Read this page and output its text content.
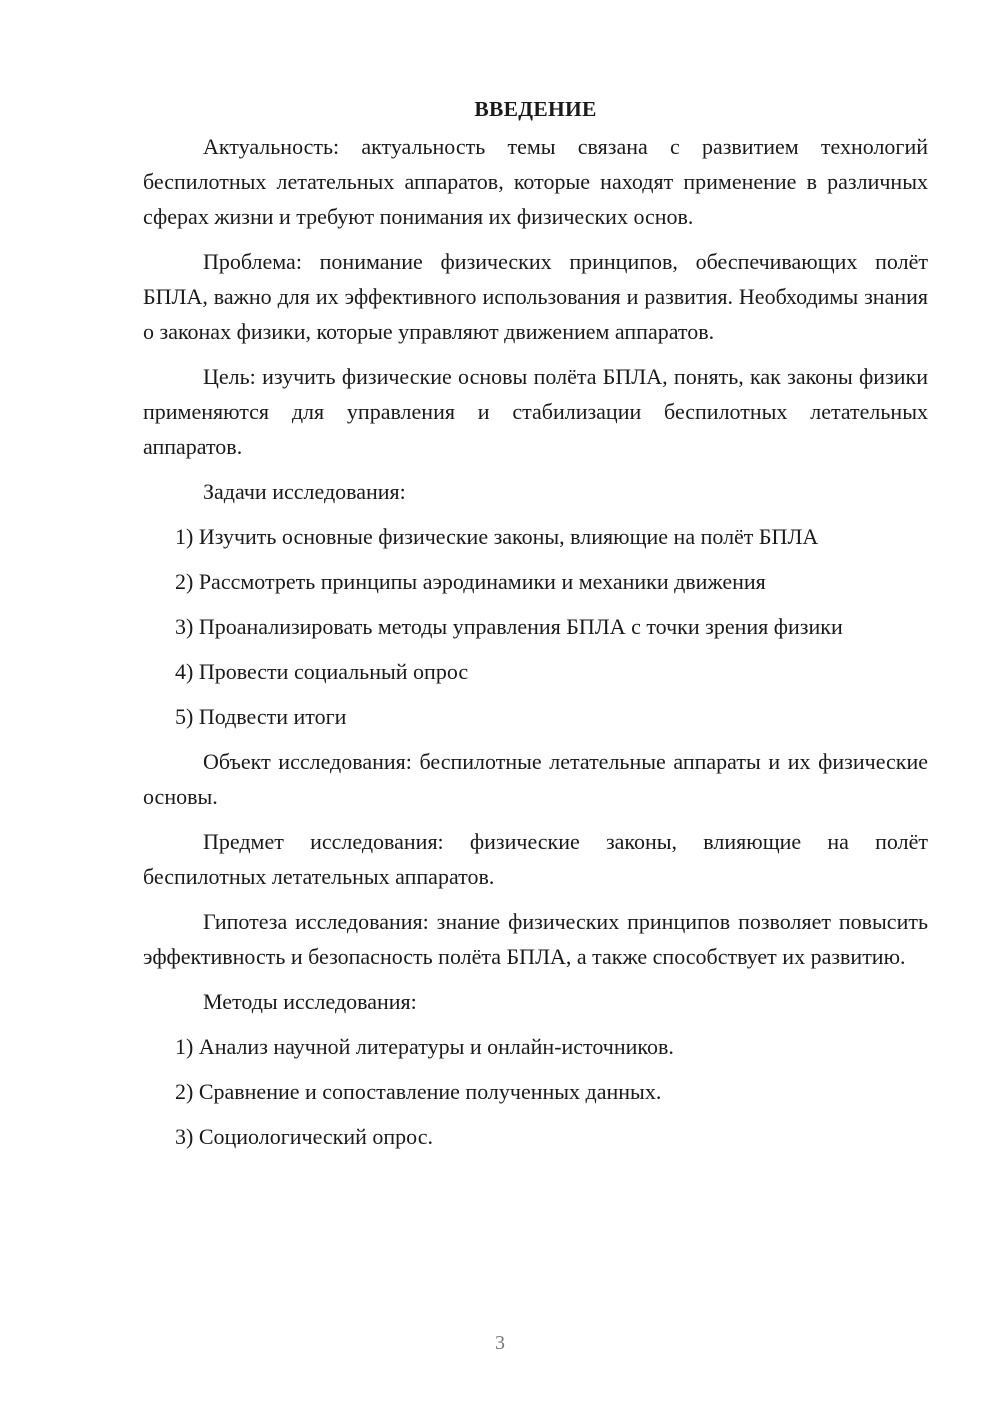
ВВЕДЕНИЕ
Актуальность: актуальность темы связана с развитием технологий беспилотных летательных аппаратов, которые находят применение в различных сферах жизни и требуют понимания их физических основ.
Проблема: понимание физических принципов, обеспечивающих полёт БПЛА, важно для их эффективного использования и развития. Необходимы знания о законах физики, которые управляют движением аппаратов.
Цель: изучить физические основы полёта БПЛА, понять, как законы физики применяются для управления и стабилизации беспилотных летательных аппаратов.
Задачи исследования:
1) Изучить основные физические законы, влияющие на полёт БПЛА
2) Рассмотреть принципы аэродинамики и механики движения
3) Проанализировать методы управления БПЛА с точки зрения физики
4) Провести социальный опрос
5) Подвести итоги
Объект исследования: беспилотные летательные аппараты и их физические основы.
Предмет исследования: физические законы, влияющие на полёт беспилотных летательных аппаратов.
Гипотеза исследования: знание физических принципов позволяет повысить эффективность и безопасность полёта БПЛА, а также способствует их развитию.
Методы исследования:
1) Анализ научной литературы и онлайн-источников.
2) Сравнение и сопоставление полученных данных.
3) Социологический опрос.
3
